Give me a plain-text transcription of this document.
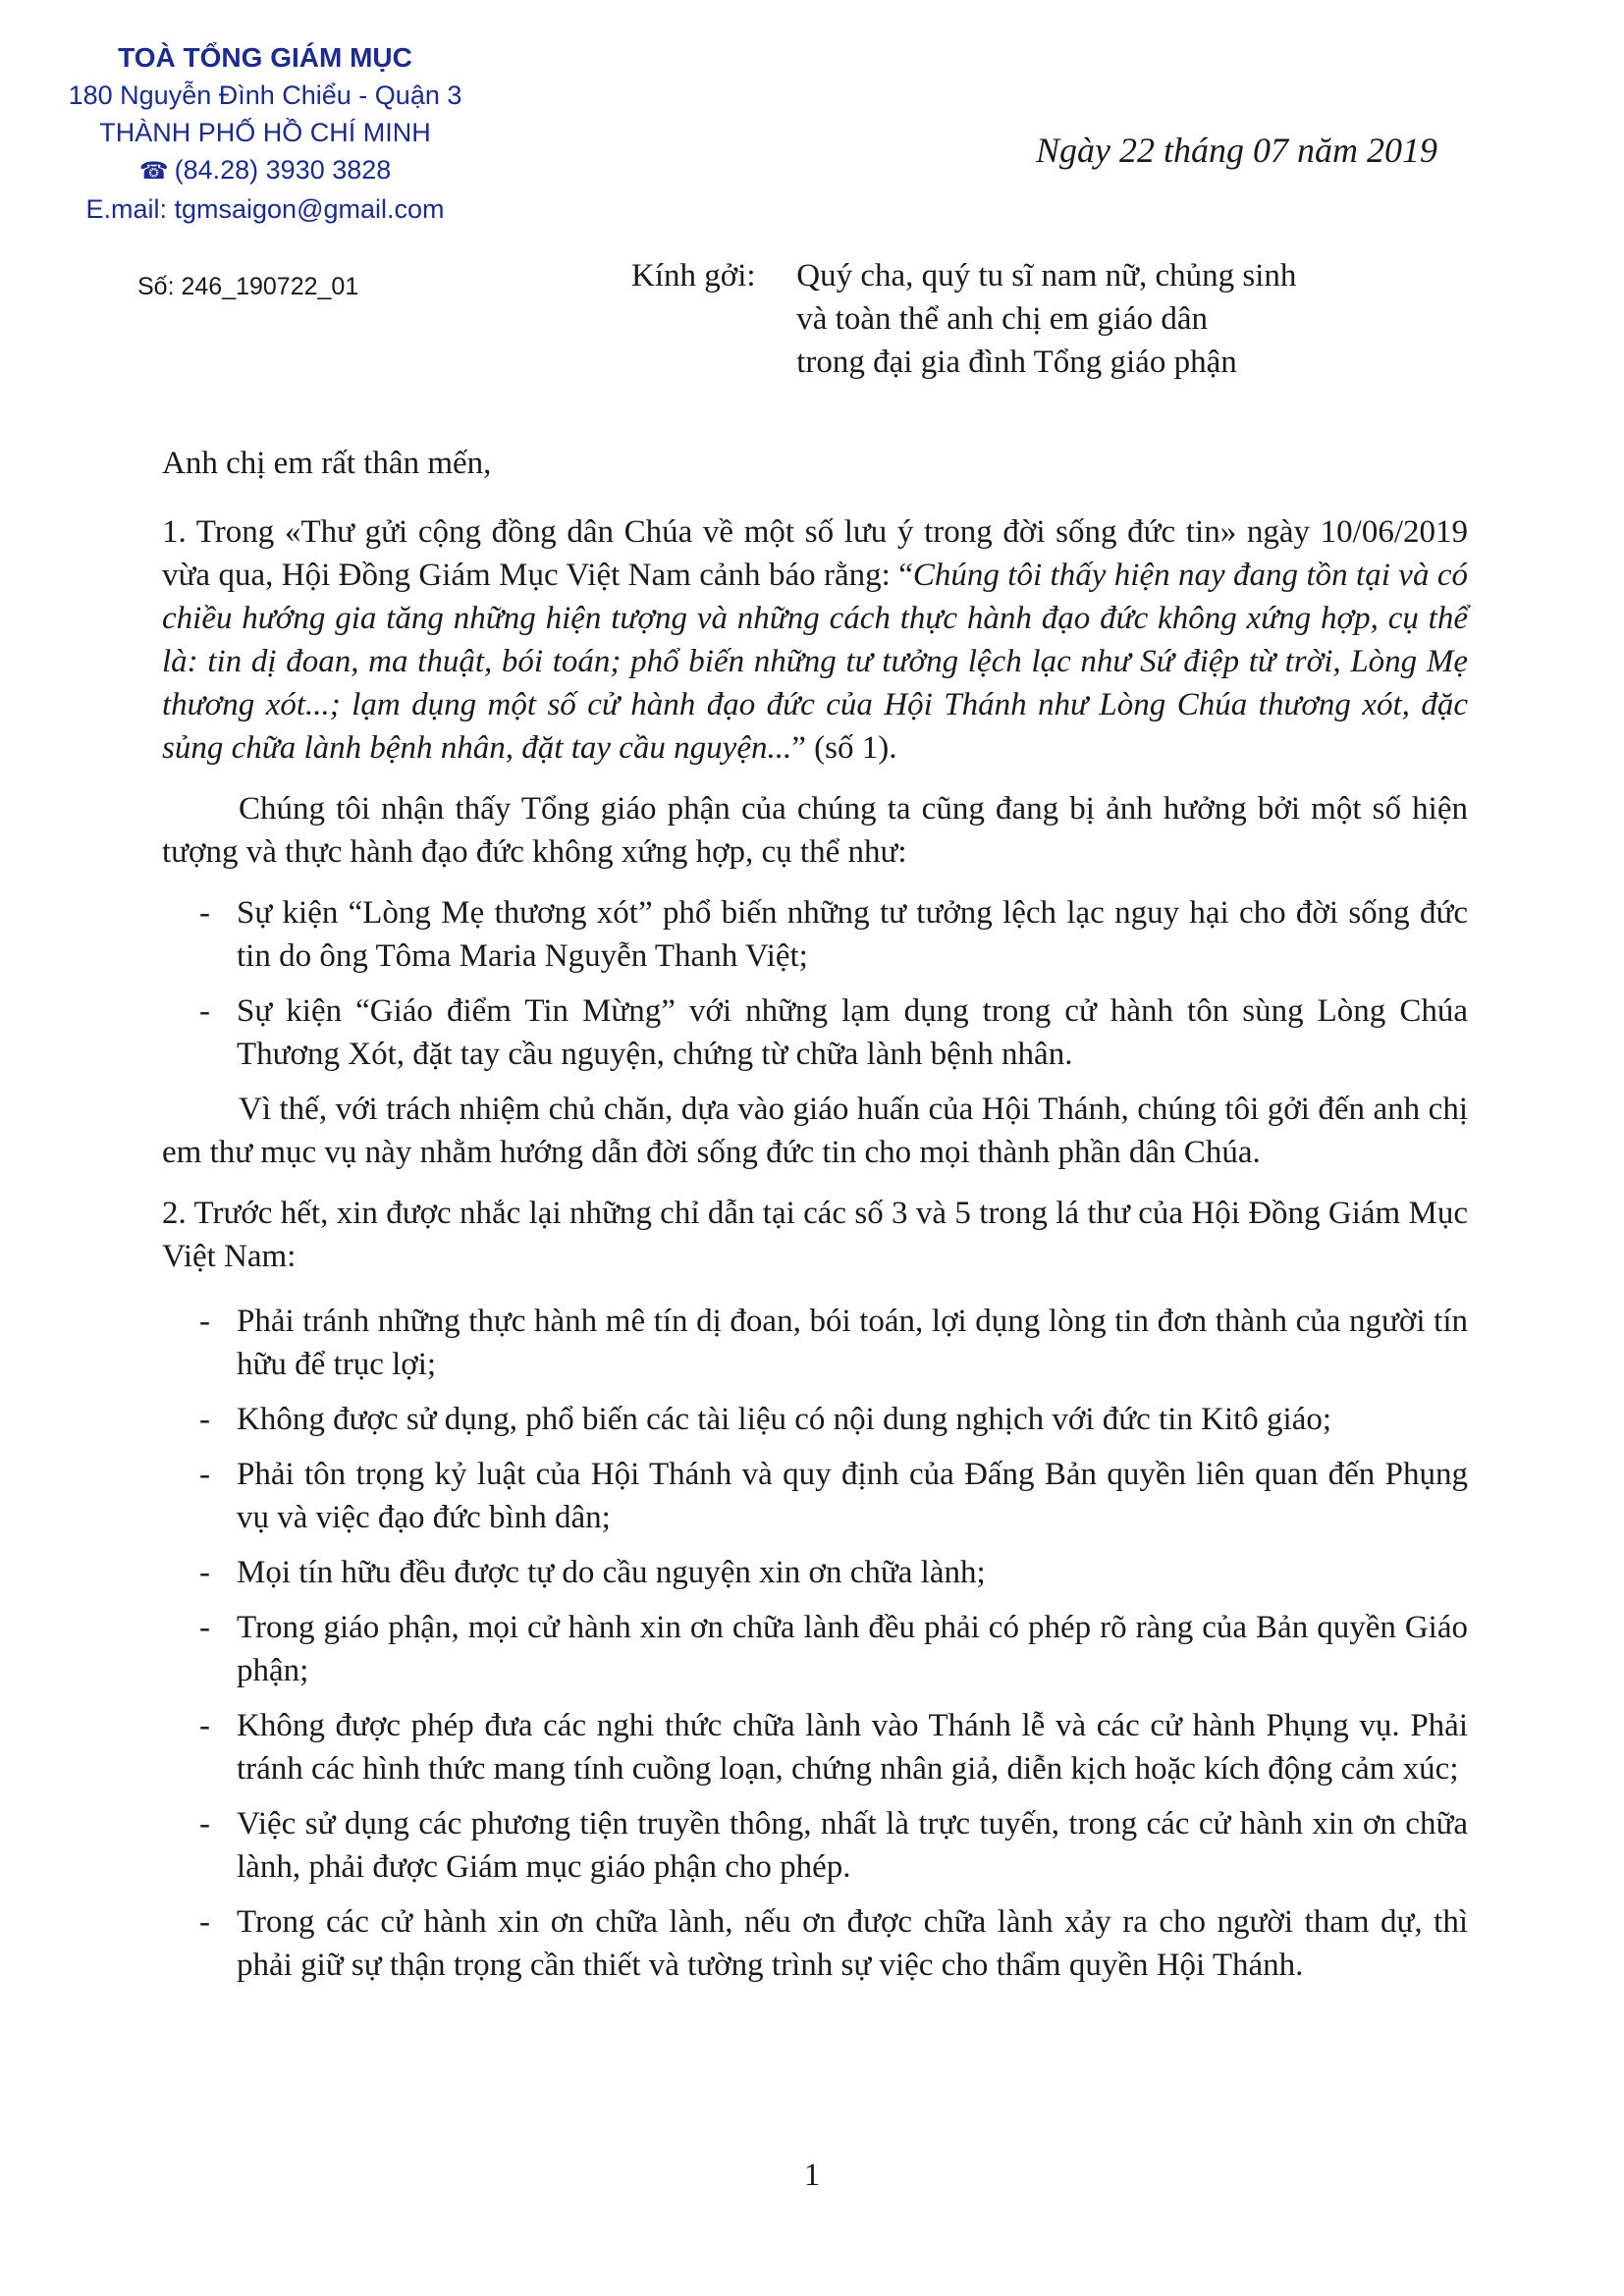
TOÀ TỔNG GIÁM MỤC
180 Nguyễn Đình Chiểu - Quận 3
THÀNH PHỐ HỒ CHÍ MINH
☎ (84.28) 3930 3828
E.mail: tgmsaigon@gmail.com
Ngày 22 tháng 07 năm 2019
Số: 246_190722_01	Kính gởi: Quý cha, quý tu sĩ nam nữ, chủng sinh
và toàn thể anh chị em giáo dân
trong đại gia đình Tổng giáo phận

Anh chị em rất thân mến,

1. Trong «Thư gửi cộng đồng dân Chúa về một số lưu ý trong đời sống đức tin» ngày 10/06/2019 vừa qua, Hội Đồng Giám Mục Việt Nam cảnh báo rằng: “Chúng tôi thấy hiện nay đang tồn tại và có chiều hướng gia tăng những hiện tượng và những cách thực hành đạo đức không xứng hợp, cụ thể là: tin dị đoan, ma thuật, bói toán; phổ biến những tư tưởng lệch lạc như Sứ điệp từ trời, Lòng Mẹ thương xót...; lạm dụng một số cử hành đạo đức của Hội Thánh như Lòng Chúa thương xót, đặc sủng chữa lành bệnh nhân, đặt tay cầu nguyện...” (số 1).

Chúng tôi nhận thấy Tổng giáo phận của chúng ta cũng đang bị ảnh hưởng bởi một số hiện tượng và thực hành đạo đức không xứng hợp, cụ thể như:

- Sự kiện “Lòng Mẹ thương xót” phổ biến những tư tưởng lệch lạc nguy hại cho đời sống đức tin do ông Tôma Maria Nguyễn Thanh Việt;
- Sự kiện “Giáo điểm Tin Mừng” với những lạm dụng trong cử hành tôn sùng Lòng Chúa Thương Xót, đặt tay cầu nguyện, chứng từ chữa lành bệnh nhân.

Vì thế, với trách nhiệm chủ chăn, dựa vào giáo huấn của Hội Thánh, chúng tôi gởi đến anh chị em thư mục vụ này nhằm hướng dẫn đời sống đức tin cho mọi thành phần dân Chúa.

2. Trước hết, xin được nhắc lại những chỉ dẫn tại các số 3 và 5 trong lá thư của Hội Đồng Giám Mục Việt Nam:

- Phải tránh những thực hành mê tín dị đoan, bói toán, lợi dụng lòng tin đơn thành của người tín hữu để trục lợi;
- Không được sử dụng, phổ biến các tài liệu có nội dung nghịch với đức tin Kitô giáo;
- Phải tôn trọng kỷ luật của Hội Thánh và quy định của Đấng Bản quyền liên quan đến Phụng vụ và việc đạo đức bình dân;
- Mọi tín hữu đều được tự do cầu nguyện xin ơn chữa lành;
- Trong giáo phận, mọi cử hành xin ơn chữa lành đều phải có phép rõ ràng của Bản quyền Giáo phận;
- Không được phép đưa các nghi thức chữa lành vào Thánh lễ và các cử hành Phụng vụ. Phải tránh các hình thức mang tính cuồng loạn, chứng nhân giả, diễn kịch hoặc kích động cảm xúc;
- Việc sử dụng các phương tiện truyền thông, nhất là trực tuyến, trong các cử hành xin ơn chữa lành, phải được Giám mục giáo phận cho phép.
- Trong các cử hành xin ơn chữa lành, nếu ơn được chữa lành xảy ra cho người tham dự, thì phải giữ sự thận trọng cần thiết và tường trình sự việc cho thẩm quyền Hội Thánh.
1
